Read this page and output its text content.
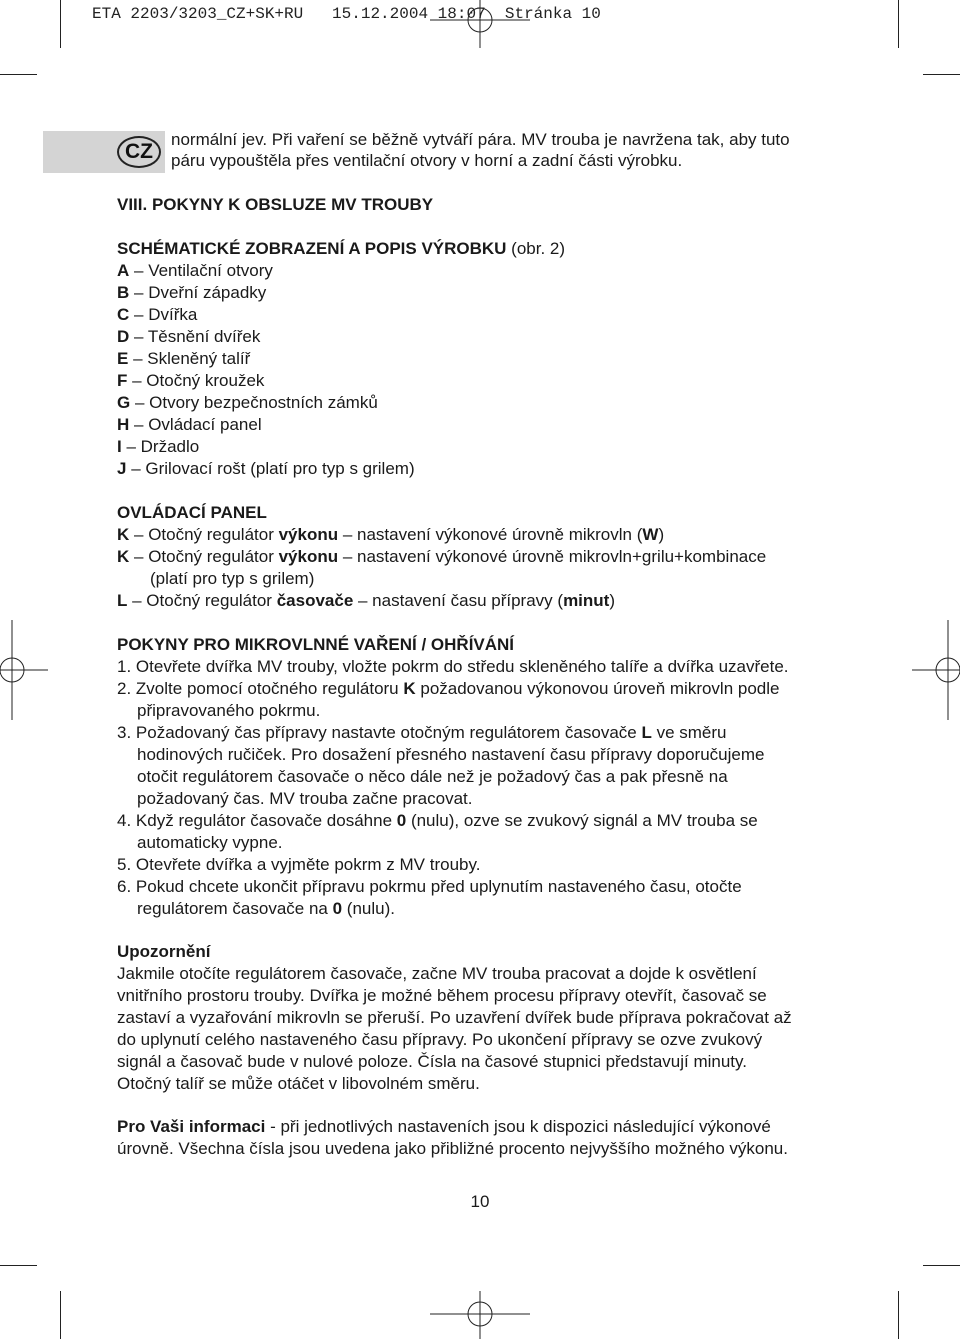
ETA 2203/3203_CZ+SK+RU   15.12.2004 18:07  Stránka 10
CZ
normální jev. Při vaření se běžně vytváří pára. MV trouba je navržena tak, aby tuto
páru vypouštěla přes ventilační otvory v horní a zadní části výrobku.
VIII. POKYNY K OBSLUZE MV TROUBY
SCHÉMATICKÉ ZOBRAZENÍ A POPIS VÝROBKU (obr. 2)
A – Ventilační otvory
B – Dveřní západky
C – Dvířka
D – Těsnění dvířek
E – Skleněný talíř
F – Otočný kroužek
G – Otvory bezpečnostních zámků
H – Ovládací panel
I – Držadlo
J – Grilovací rošt (platí pro typ s grilem)
OVLÁDACÍ PANEL
K – Otočný regulátor výkonu – nastavení výkonové úrovně mikrovln (W)
K – Otočný regulátor výkonu – nastavení výkonové úrovně mikrovln+grilu+kombinace
(platí pro typ s grilem)
L – Otočný regulátor časovače – nastavení času přípravy (minut)
POKYNY PRO MIKROVLNNÉ VAŘENÍ / OHŘÍVÁNÍ
1. Otevřete dvířka MV trouby, vložte pokrm do středu skleněného talíře a dvířka uzavřete.
2. Zvolte pomocí otočného regulátoru K požadovanou výkonovou úroveň mikrovln podle
připravovaného pokrmu.
3. Požadovaný čas přípravy nastavte otočným regulátorem časovače L ve směru
hodinových ručiček. Pro dosažení přesného nastavení času přípravy doporučujeme
otočit regulátorem časovače o něco dále než je požadový čas a pak přesně na
požadovaný čas. MV trouba začne pracovat.
4. Když regulátor časovače dosáhne 0 (nulu), ozve se zvukový signál a MV trouba se
automaticky vypne.
5. Otevřete dvířka a vyjměte pokrm z MV trouby.
6. Pokud chcete ukončit přípravu pokrmu před uplynutím nastaveného času, otočte
regulátorem časovače na 0 (nulu).
Upozornění
Jakmile otočíte regulátorem časovače, začne MV trouba pracovat a dojde k osvětlení
vnitřního prostoru trouby. Dvířka je možné během procesu přípravy otevřít, časovač se
zastaví a vyzařování mikrovln se přeruší. Po uzavření dvířek bude příprava pokračovat až
do uplynutí celého nastaveného času přípravy. Po ukončení přípravy se ozve zvukový
signál a časovač bude v nulové poloze. Čísla na časové stupnici představují minuty.
Otočný talíř se může otáčet v libovolném směru.
Pro Vaši informaci - při jednotlivých nastaveních jsou k dispozici následující výkonové
úrovně. Všechna čísla jsou uvedena jako přibližné procento nejvyššího možného výkonu.
10
